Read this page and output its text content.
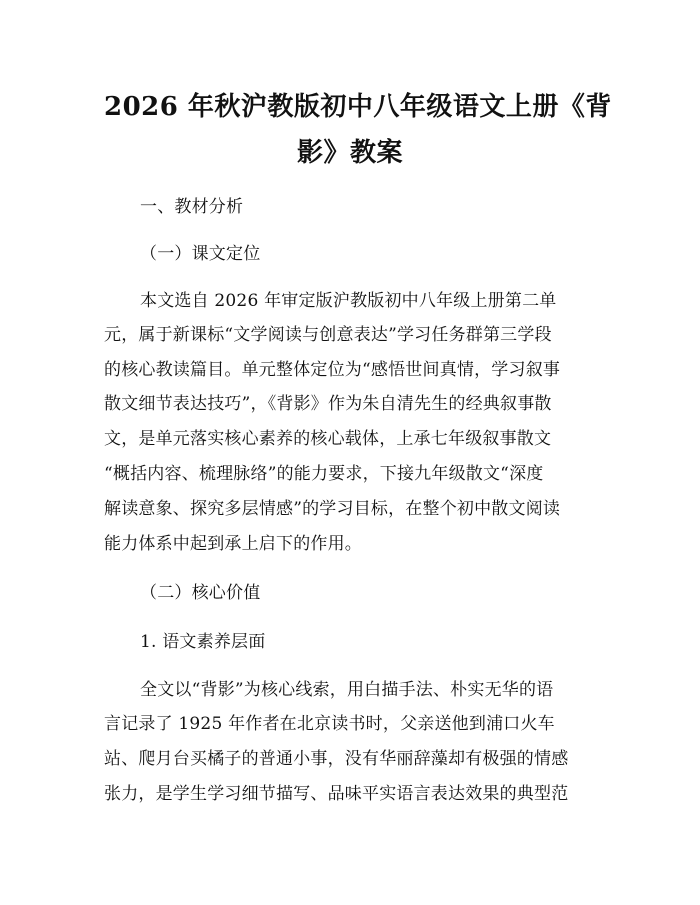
2026 年秋沪教版初中八年级语文上册《背
影》教案
一、教材分析
（一）课文定位
本文选自 2026 年审定版沪教版初中八年级上册第二单
元，属于新课标“文学阅读与创意表达”学习任务群第三学段
的核心教读篇目。单元整体定位为“感悟世间真情，学习叙事
散文细节表达技巧”，《背影》作为朱自清先生的经典叙事散
文，是单元落实核心素养的核心载体，上承七年级叙事散文
“概括内容、梳理脉络”的能力要求，下接九年级散文“深度
解读意象、探究多层情感”的学习目标，在整个初中散文阅读
能力体系中起到承上启下的作用。
（二）核心价值
1. 语文素养层面
全文以“背影”为核心线索，用白描手法、朴实无华的语
言记录了 1925 年作者在北京读书时，父亲送他到浦口火车
站、爬月台买橘子的普通小事，没有华丽辞藻却有极强的情感
张力，是学生学习细节描写、品味平实语言表达效果的典型范
